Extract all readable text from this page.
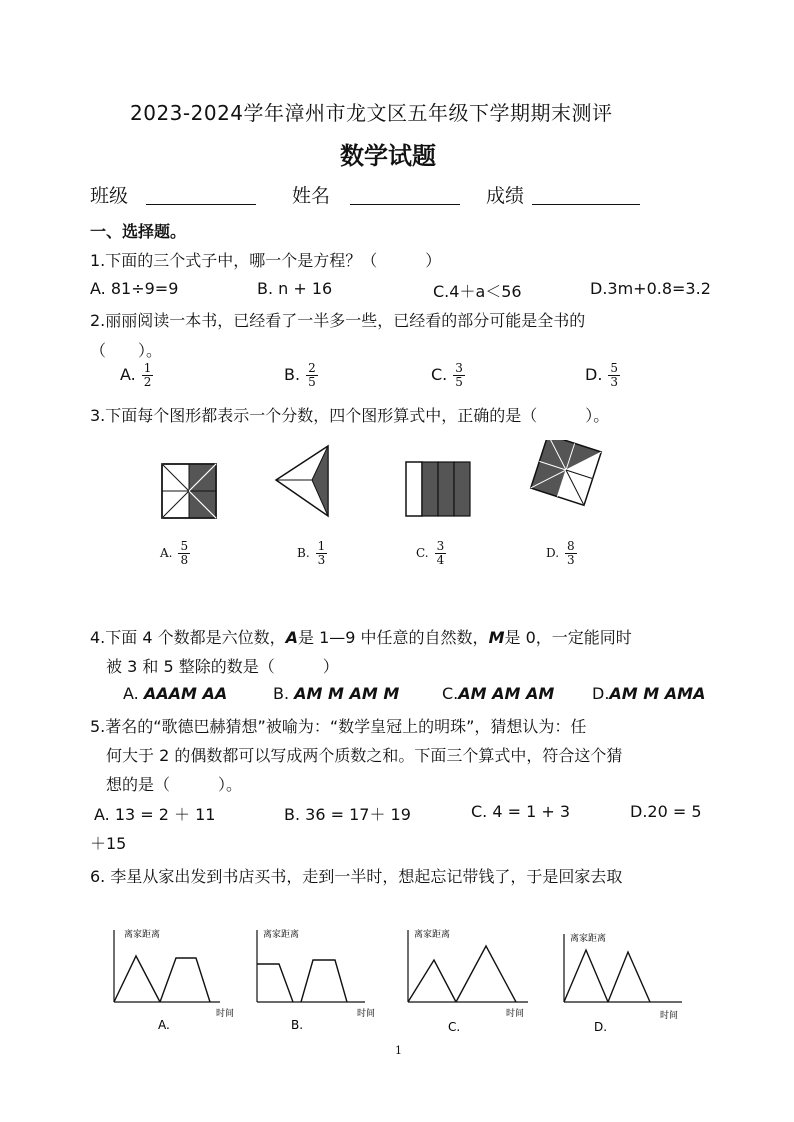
2023-2024学年漳州市龙文区五年级下学期期末测评
数学试题
班级	姓名	成绩
一、选择题。
1.下面的三个式子中，哪一个是方程？（　　　）
A. 81÷9=9	B. n + 16	C.4＋a＜56	D.3m+0.8=3.2
2.丽丽阅读一本书，已经看了一半多一些，已经看的部分可能是全书的
（　　）。
A. $\frac{1}{2}$	B. $\frac{2}{5}$	C. $\frac{3}{5}$	D. $\frac{5}{3}$
3.下面每个图形都表示一个分数，四个图形算式中，正确的是（　　　）。
A. $\frac{5}{8}$	B. $\frac{1}{3}$	C. $\frac{3}{4}$	D. $\frac{8}{3}$
4.下面 4 个数都是六位数，A是 1—9 中任意的自然数，M是 0，一定能同时
被 3 和 5 整除的数是（　　　）
A. AAAM AA	B. AM M AM M	C.AM AM AM D.AM M AMA
5.著名的“歌德巴赫猜想”被喻为：“数学皇冠上的明珠”，猜想认为：任
何大于 2 的偶数都可以写成两个质数之和。下面三个算式中，符合这个猜
想的是（　　　）。
A. 13 = 2 ＋ 11	B. 36 = 17＋ 19	C. 4 = 1 + 3	D.20 = 5
＋15
6. 李星从家出发到书店买书，走到一半时，想起忘记带钱了，于是回家去取
离家距离
时间
A.
离家距离
时间
B.
离家距离
时间
C.
离家距离
时间
D.
1
